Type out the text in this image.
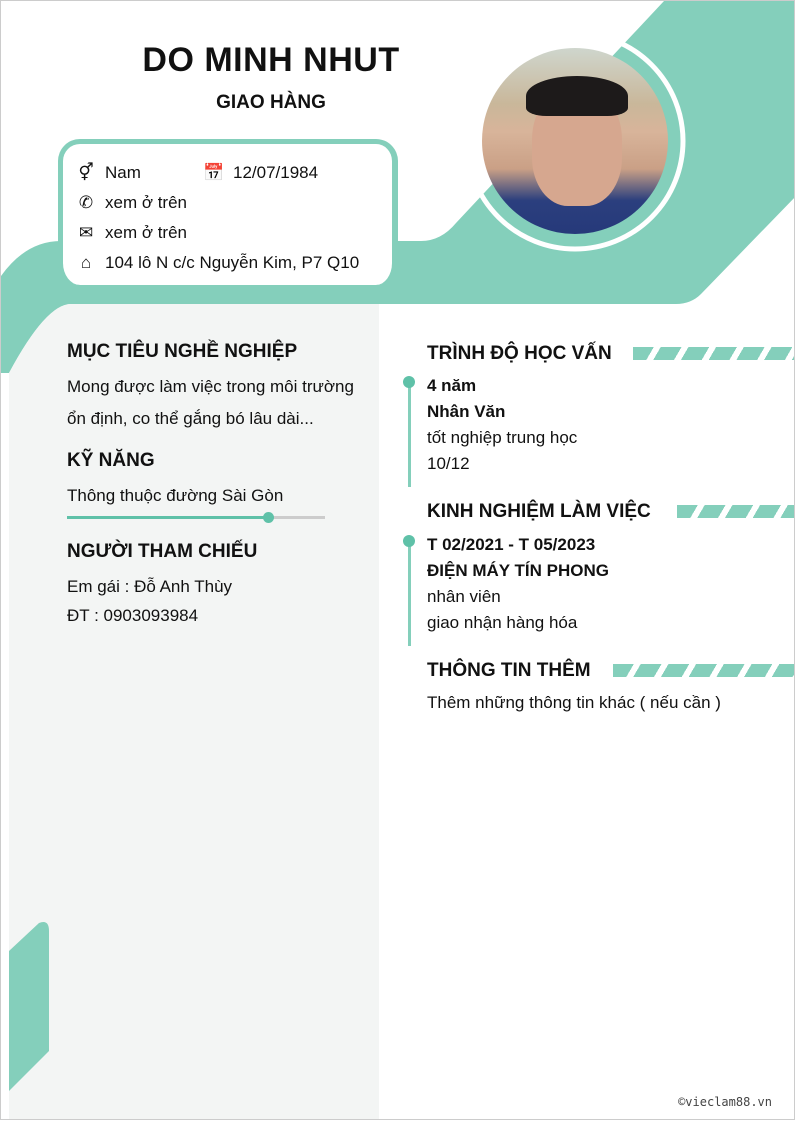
DO MINH NHUT
GIAO HÀNG
⚥ Nam	📅 12/07/1984
✆ xem ở trên
✉ xem ở trên
⌂ 104 lô N c/c Nguyễn Kim, P7 Q10
MỤC TIÊU NGHỀ NGHIỆP
Mong được làm việc trong môi trường
ổn định, co thể gắng bó lâu dài...
KỸ NĂNG
Thông thuộc đường Sài Gòn
NGƯỜI THAM CHIẾU
Em gái : Đỗ Anh Thùy
ĐT : 0903093984
TRÌNH ĐỘ HỌC VẤN
4 năm
Nhân Văn
tốt nghiệp trung học
10/12
KINH NGHIỆM LÀM VIỆC
T 02/2021 - T 05/2023
ĐIỆN MÁY TÍN PHONG
nhân viên
giao nhận hàng hóa
THÔNG TIN THÊM
Thêm những thông tin khác ( nếu cần )
©vieclam88.vn
